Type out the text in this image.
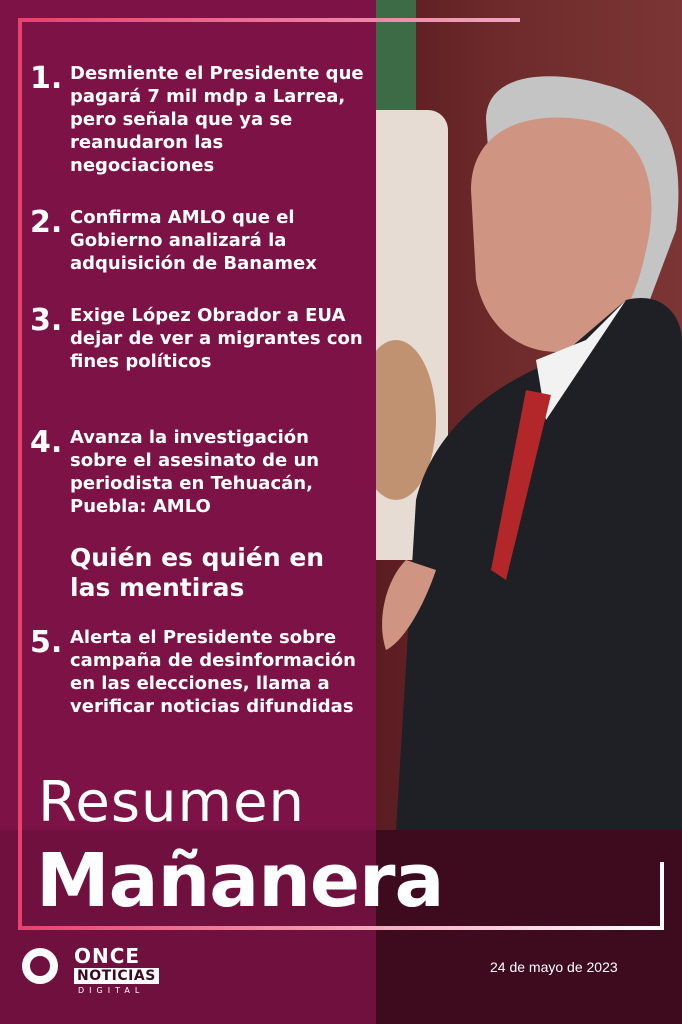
1. Desmiente el Presidente que pagará 7 mil mdp a Larrea, pero señala que ya se reanudaron las negociaciones
2. Confirma AMLO que el Gobierno analizará la adquisición de Banamex
3. Exige López Obrador a EUA dejar de ver a migrantes con fines políticos
4. Avanza la investigación sobre el asesinato de un periodista en Tehuacán, Puebla: AMLO
Quién es quién en las mentiras
5. Alerta el Presidente sobre campaña de desinformación en las elecciones, llama a verificar noticias difundidas
Resumen
Mañanera
ONCE
NOTICIAS
DIGITAL
24 de mayo de 2023
